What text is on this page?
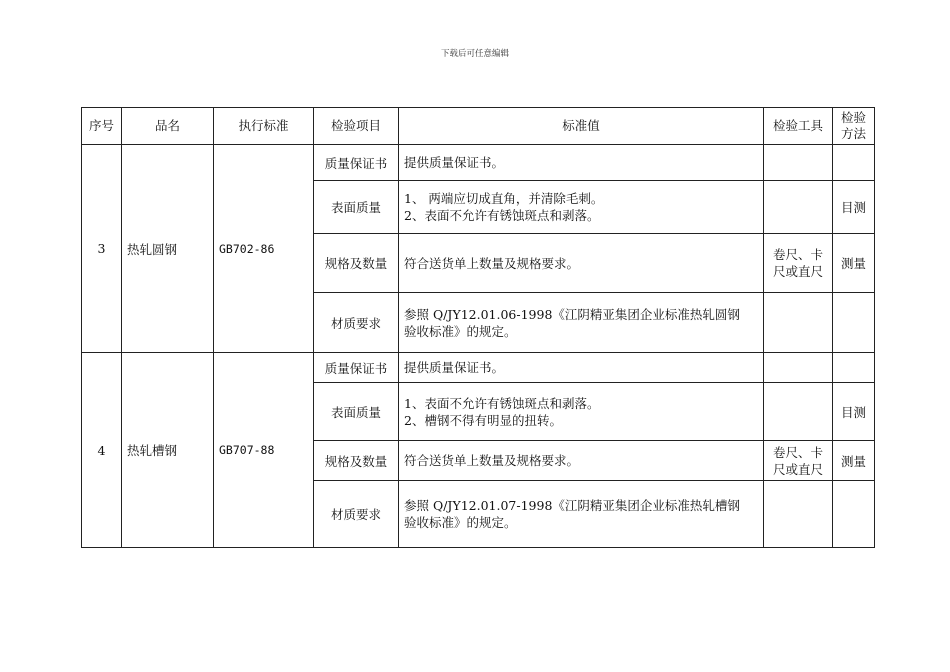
下载后可任意编辑
序号	品名	执行标准	检验项目	标准值	检验工具	检验
方法

3	热轧圆钢	GB702-86	质量保证书	提供质量保证书。		

			表面质量	1、 两端应切成直角，并清除毛刺。
2、表面不允许有锈蚀斑点和剥落。		目测
			规格及数量	符合送货单上数量及规格要求。	卷尺、卡
尺或直尺	测量
			材质要求	参照 Q/JY12.01.06-1998《江阴精亚集团企业标准热轧圆钢
验收标准》的规定。		

4	热轧槽钢	GB707-88	质量保证书	提供质量保证书。		

			表面质量	1、表面不允许有锈蚀斑点和剥落。
2、槽钢不得有明显的扭转。		目测
			规格及数量	符合送货单上数量及规格要求。	卷尺、卡
尺或直尺	测量
			材质要求	参照 Q/JY12.01.07-1998《江阴精亚集团企业标准热轧槽钢
验收标准》的规定。		
